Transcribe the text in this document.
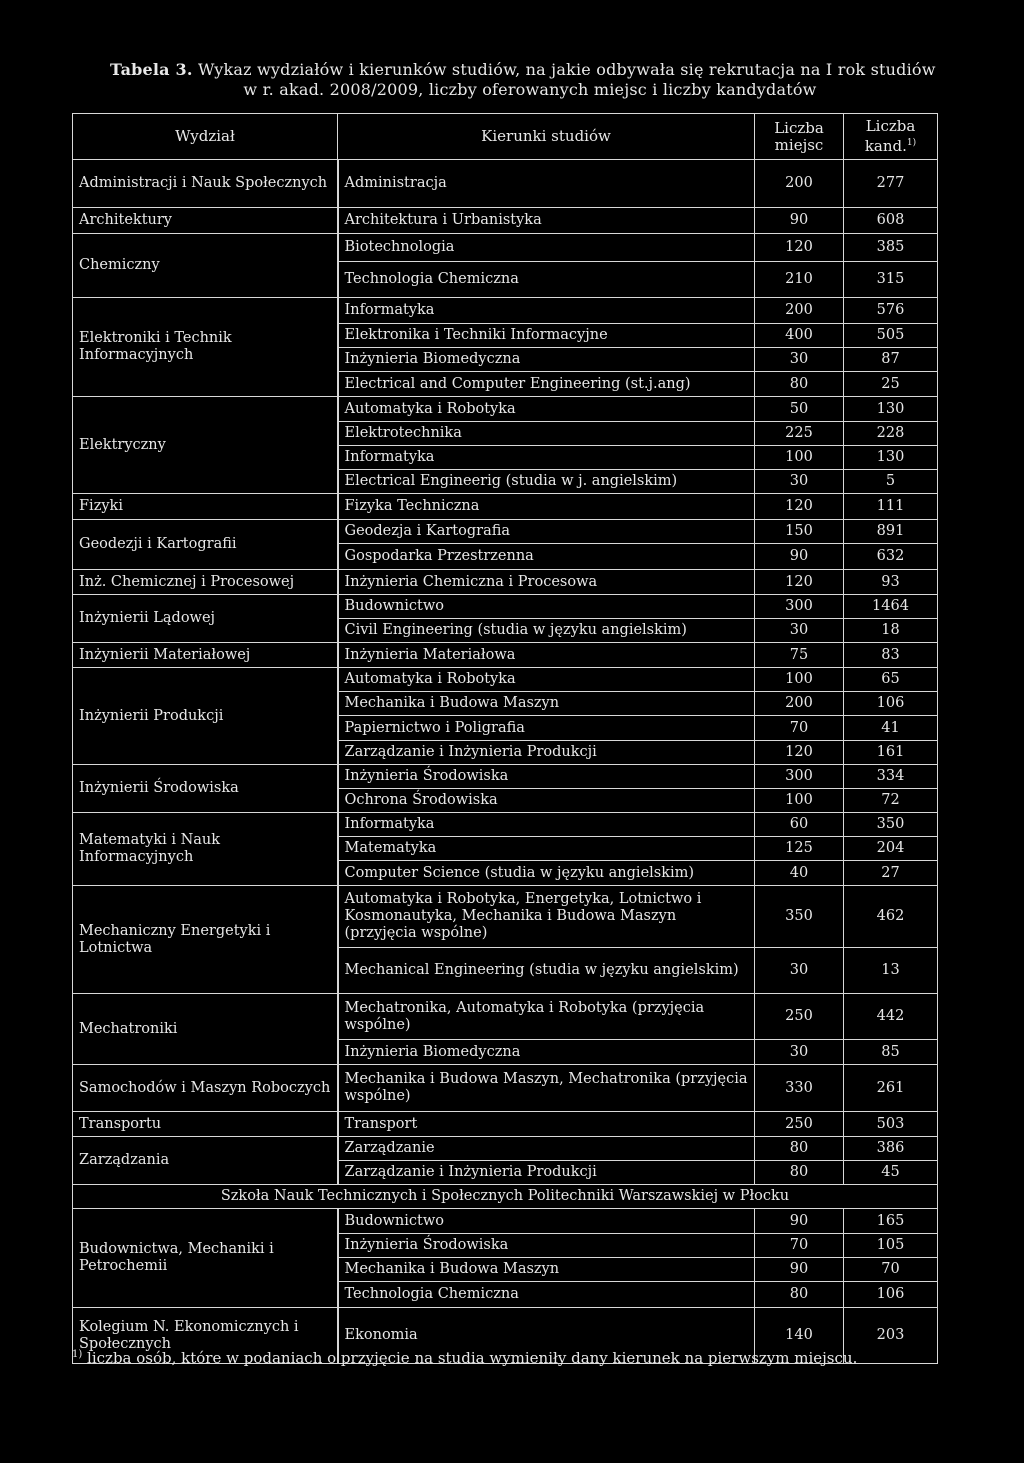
Tabela 3. Wykaz wydziałów i kierunków studiów, na jakie odbywała się rekrutacja na I rok studiów
w r. akad. 2008/2009, liczby oferowanych miejsc i liczby kandydatów
Wydział	Kierunki studiów	Liczba miejsc	Liczba kand.$^{1)}$
Administracji i Nauk Społecznych	Administracja	200	277
Architektury	Architektura i Urbanistyka	90	608
Chemiczny	Biotechnologia	120	385
	Technologia Chemiczna	210	315
Elektroniki i Technik Informacyjnych	Informatyka	200	576
	Elektronika i Techniki Informacyjne	400	505
	Inżynieria Biomedyczna	30	87
	Electrical and Computer Engineering (st.j.ang)	80	25
Elektryczny	Automatyka i Robotyka	50	130
	Elektrotechnika	225	228
	Informatyka	100	130
	Electrical Engineerig (studia w j. angielskim)	30	5
Fizyki	Fizyka Techniczna	120	111
Geodezji i Kartografii	Geodezja i Kartografia	150	891
	Gospodarka Przestrzenna	90	632
Inż. Chemicznej i Procesowej	Inżynieria Chemiczna i Procesowa	120	93
Inżynierii Lądowej	Budownictwo	300	1464
	Civil Engineering (studia w języku angielskim)	30	18
Inżynierii Materiałowej	Inżynieria Materiałowa	75	83
Inżynierii Produkcji	Automatyka i Robotyka	100	65
	Mechanika i Budowa Maszyn	200	106
	Papiernictwo i Poligrafia	70	41
	Zarządzanie i Inżynieria Produkcji	120	161
Inżynierii Środowiska	Inżynieria Środowiska	300	334
	Ochrona Środowiska	100	72
Matematyki i Nauk Informacyjnych	Informatyka	60	350
	Matematyka	125	204
	Computer Science (studia w języku angielskim)	40	27
Mechaniczny Energetyki i Lotnictwa	Automatyka i Robotyka, Energetyka, Lotnictwo i Kosmonautyka, Mechanika i Budowa Maszyn (przyjęcia wspólne)	350	462
	Mechanical Engineering (studia w języku angielskim)	30	13
Mechatroniki	Mechatronika, Automatyka i Robotyka (przyjęcia wspólne)	250	442
	Inżynieria Biomedyczna	30	85
Samochodów i Maszyn Roboczych	Mechanika i Budowa Maszyn, Mechatronika (przyjęcia wspólne)	330	261
Transportu	Transport	250	503
Zarządzania	Zarządzanie	80	386
	Zarządzanie i Inżynieria Produkcji	80	45
Szkoła Nauk Technicznych i Społecznych Politechniki Warszawskiej w Płocku			
Budownictwa, Mechaniki i Petrochemii	Budownictwo	90	165
	Inżynieria Środowiska	70	105
	Mechanika i Budowa Maszyn	90	70
	Technologia Chemiczna	80	106
Kolegium N. Ekonomicznych i Społecznych	Ekonomia	140	203
$^{1)}$ liczba osób, które w podaniach o przyjęcie na studia wymieniły dany kierunek na pierwszym miejscu.
